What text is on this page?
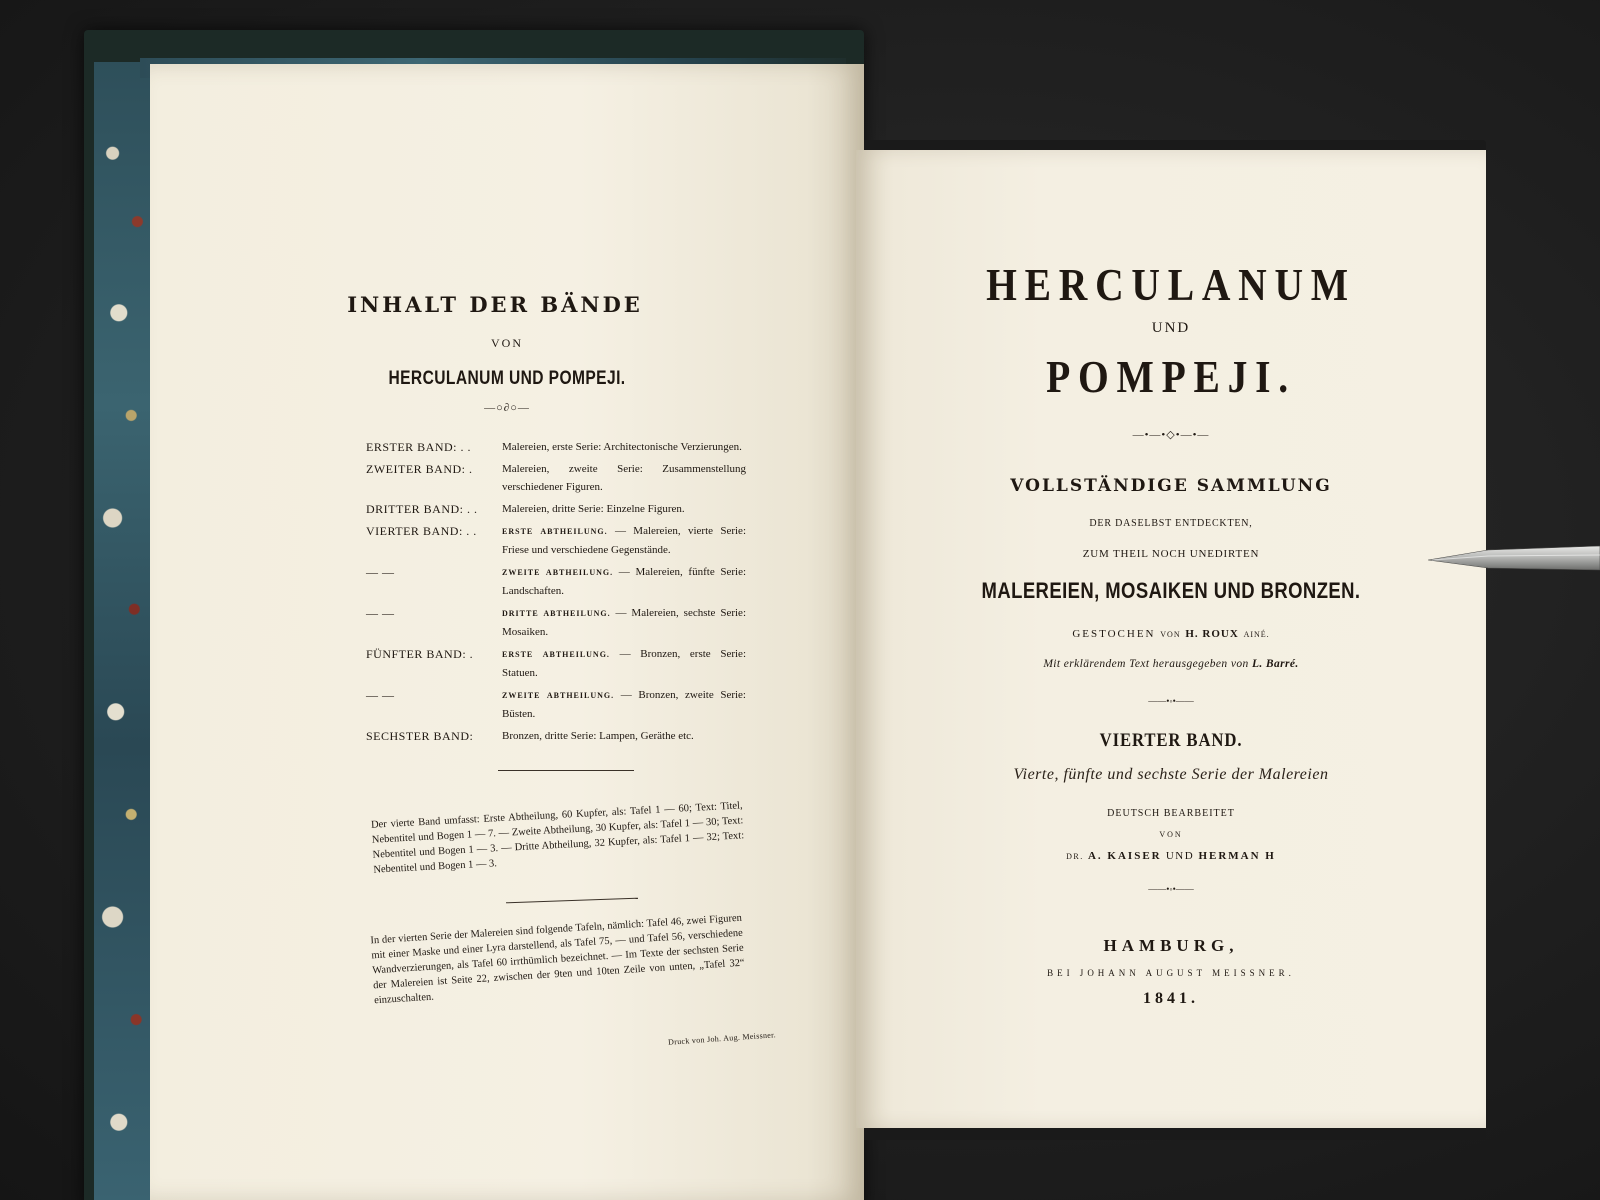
INHALT DER BÄNDE
VON
HERCULANUM UND POMPEJI.
—○∂○—
ERSTER BAND: . .	Malereien, erste Serie: Architectonische Verzierungen.
ZWEITER BAND: .	Malereien, zweite Serie: Zusammenstellung verschiedener Figuren.
DRITTER BAND: . .	Malereien, dritte Serie: Einzelne Figuren.
VIERTER BAND: . .	ERSTE ABTHEILUNG. — Malereien, vierte Serie: Friese und verschiedene Gegenstände.
— —	ZWEITE ABTHEILUNG. — Malereien, fünfte Serie: Landschaften.
— —	DRITTE ABTHEILUNG. — Malereien, sechste Serie: Mosaiken.
FÜNFTER BAND: .	ERSTE ABTHEILUNG. — Bronzen, erste Serie: Statuen.
— —	ZWEITE ABTHEILUNG. — Bronzen, zweite Serie: Büsten.
SECHSTER BAND:	Bronzen, dritte Serie: Lampen, Geräthe etc.
Der vierte Band umfasst: Erste Abtheilung, 60 Kupfer, als: Tafel 1 — 60; Text: Titel, Nebentitel und Bogen 1 — 7. — Zweite Abtheilung, 30 Kupfer, als: Tafel 1 — 30; Text: Nebentitel und Bogen 1 — 3. — Dritte Abtheilung, 32 Kupfer, als: Tafel 1 — 32; Text: Nebentitel und Bogen 1 — 3.
In der vierten Serie der Malereien sind folgende Tafeln, nämlich: Tafel 46, zwei Figuren mit einer Maske und einer Lyra darstellend, als Tafel 75, — und Tafel 56, verschiedene Wandverzierungen, als Tafel 60 irrthümlich bezeichnet. — Im Texte der sechsten Serie der Malereien ist Seite 22, zwischen der 9ten und 10ten Zeile von unten, „Tafel 32“ einzuschalten.
Druck von Joh. Aug. Meissner.
HERCULANUM
UND
POMPEJI.
—•—•◇•—•—
VOLLSTÄNDIGE SAMMLUNG
DER DASELBST ENTDECKTEN,
ZUM THEIL NOCH UNEDIRTEN
MALEREIEN, MOSAIKEN UND BRONZEN.
GESTOCHEN VON H. ROUX AINÉ.
Mit erklärendem Text herausgegeben von L. Barré.
——•◦•——
VIERTER BAND.
Vierte, fünfte und sechste Serie der Malereien
DEUTSCH BEARBEITET
VON
DR. A. KAISER UND HERMAN H
——•◦•——
HAMBURG,
BEI JOHANN AUGUST MEISSNER.
1841.
